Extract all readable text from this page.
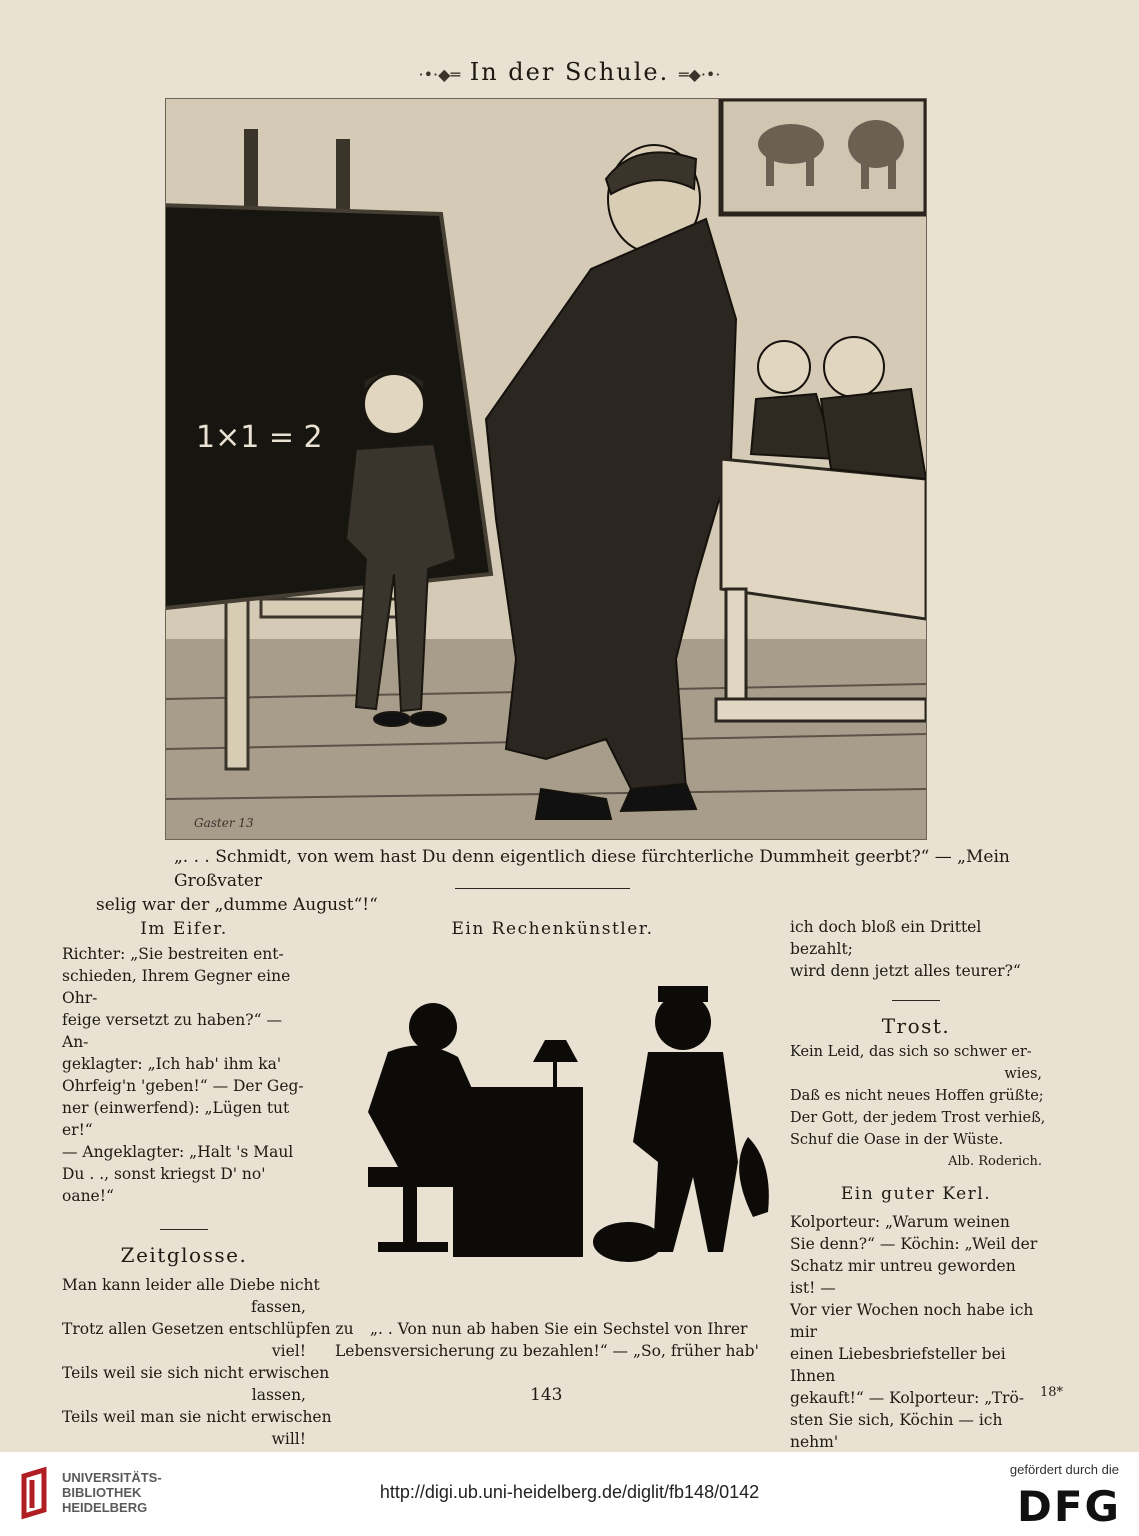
·•·◆═ In der Schule. ═◆·•·
1×1 = 2
Gaster 13
„. . . Schmidt, von wem hast Du denn eigentlich diese fürchterliche Dummheit geerbt?“ — „Mein Großvater
selig war der „dumme August“!“
Im Eifer.
Richter: „Sie bestreiten ent-
schieden, Ihrem Gegner eine Ohr-
feige versetzt zu haben?“ — An-
geklagter: „Ich hab' ihm ka'
Ohrfeig'n 'geben!“ — Der Geg-
ner (einwerfend): „Lügen tut er!“
— Angeklagter: „Halt 's Maul
Du . ., sonst kriegst D' no' oane!“
Zeitglosse.
Man kann leider alle Diebe nicht
fassen,
Trotz allen Gesetzen entschlüpfen zu
viel!
Teils weil sie sich nicht erwischen
lassen,
Teils weil man sie nicht erwischen
will!
Ein Rechenkünstler.
„. . Von nun ab haben Sie ein Sechstel von Ihrer
Lebensversicherung zu bezahlen!“ — „So, früher hab'
ich doch bloß ein Drittel bezahlt;
wird denn jetzt alles teurer?“
Trost.
Kein Leid, das sich so schwer er-
wies,
Daß es nicht neues Hoffen grüßte;
Der Gott, der jedem Trost verhieß,
Schuf die Oase in der Wüste.
Alb. Roderich.
Ein guter Kerl.
Kolporteur: „Warum weinen
Sie denn?“ — Köchin: „Weil der
Schatz mir untreu geworden ist! —
Vor vier Wochen noch habe ich mir
einen Liebesbriefsteller bei Ihnen
gekauft!“ — Kolporteur: „Trö-
sten Sie sich, Köchin — ich nehm'
143	18*
UNIVERSITÄTS-
BIBLIOTHEK
HEIDELBERG
http://digi.ub.uni-heidelberg.de/diglit/fb148/0142
gefördert durch die
DFG
